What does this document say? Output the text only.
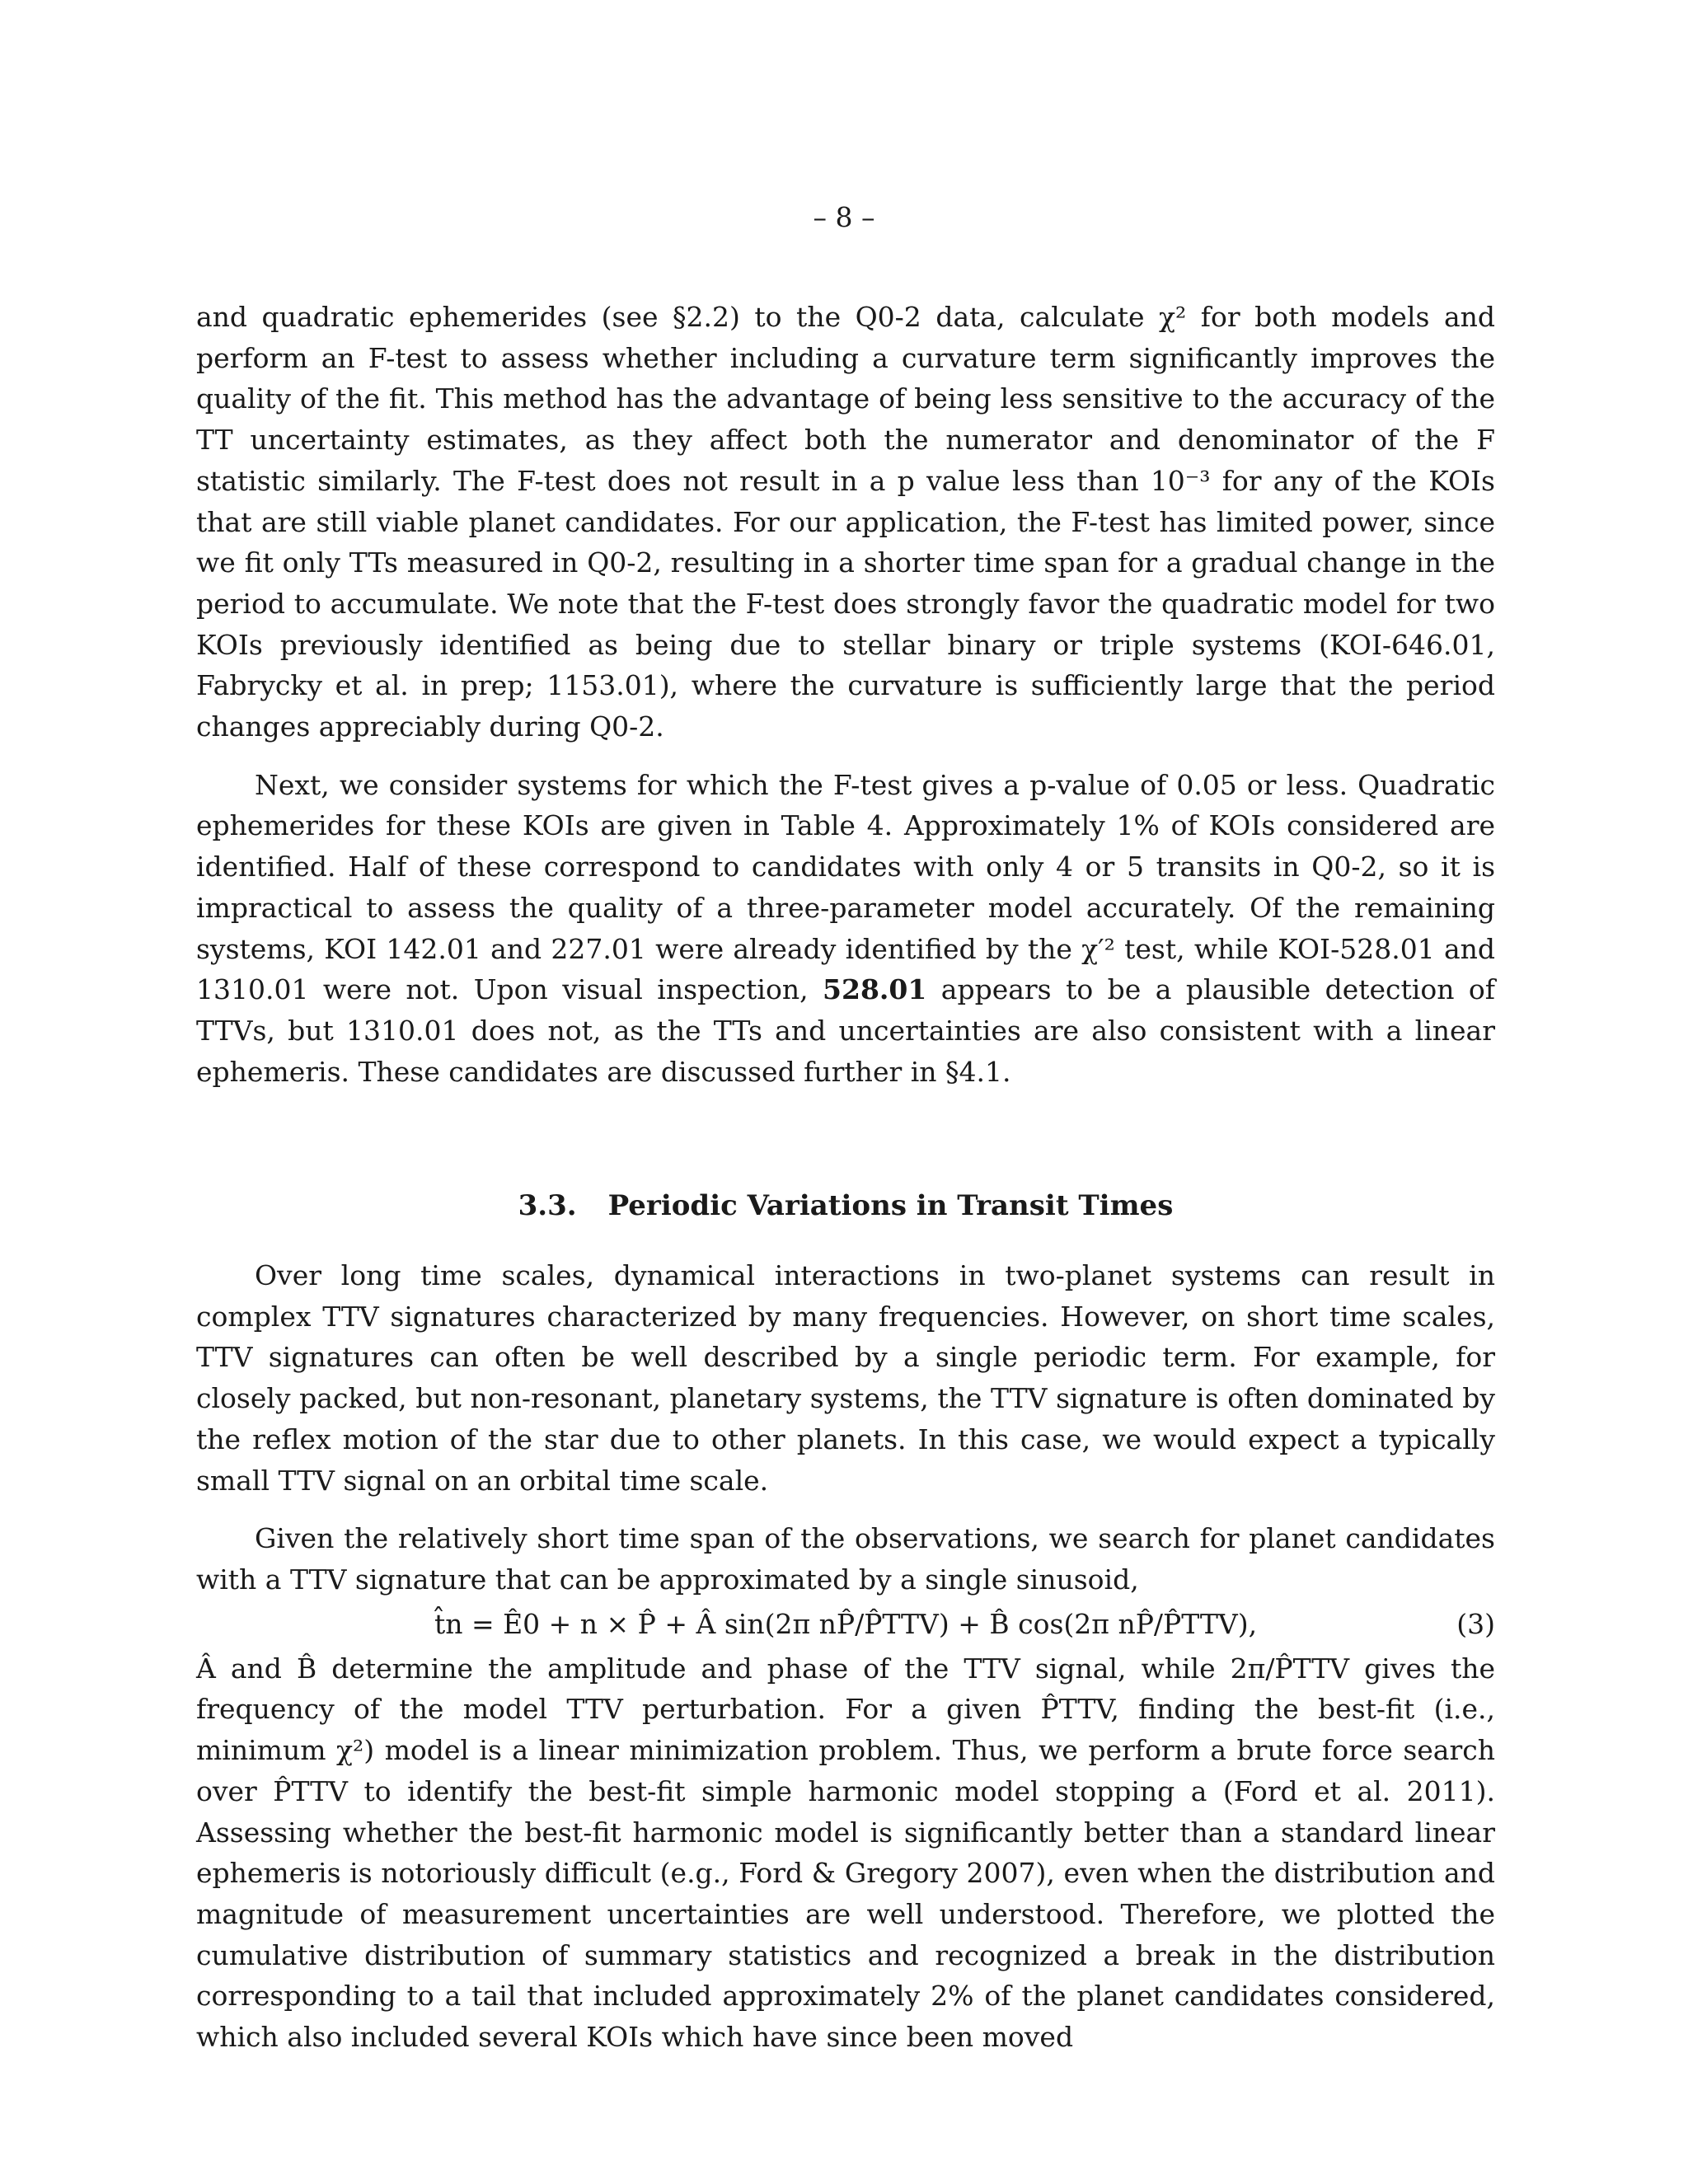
– 8 –

and quadratic ephemerides (see §2.2) to the Q0-2 data, calculate χ² for both models and perform an F-test to assess whether including a curvature term significantly improves the quality of the fit. This method has the advantage of being less sensitive to the accuracy of the TT uncertainty estimates, as they affect both the numerator and denominator of the F statistic similarly. The F-test does not result in a p value less than 10⁻³ for any of the KOIs that are still viable planet candidates. For our application, the F-test has limited power, since we fit only TTs measured in Q0-2, resulting in a shorter time span for a gradual change in the period to accumulate. We note that the F-test does strongly favor the quadratic model for two KOIs previously identified as being due to stellar binary or triple systems (KOI-646.01, Fabrycky et al. in prep; 1153.01), where the curvature is sufficiently large that the period changes appreciably during Q0-2.

Next, we consider systems for which the F-test gives a p-value of 0.05 or less. Quadratic ephemerides for these KOIs are given in Table 4. Approximately 1% of KOIs considered are identified. Half of these correspond to candidates with only 4 or 5 transits in Q0-2, so it is impractical to assess the quality of a three-parameter model accurately. Of the remaining systems, KOI 142.01 and 227.01 were already identified by the χ′² test, while KOI-528.01 and 1310.01 were not. Upon visual inspection, 528.01 appears to be a plausible detection of TTVs, but 1310.01 does not, as the TTs and uncertainties are also consistent with a linear ephemeris. These candidates are discussed further in §4.1.

3.3. Periodic Variations in Transit Times

Over long time scales, dynamical interactions in two-planet systems can result in complex TTV signatures characterized by many frequencies. However, on short time scales, TTV signatures can often be well described by a single periodic term. For example, for closely packed, but non-resonant, planetary systems, the TTV signature is often dominated by the reflex motion of the star due to other planets. In this case, we would expect a typically small TTV signal on an orbital time scale.

Given the relatively short time span of the observations, we search for planet candidates with a TTV signature that can be approximated by a single sinusoid,

t̂n = Ê0 + n × P̂ + Â sin(2π nP̂/P̂TTV) + B̂ cos(2π nP̂/P̂TTV),	(3)

Â and B̂ determine the amplitude and phase of the TTV signal, while 2π/P̂TTV gives the frequency of the model TTV perturbation. For a given P̂TTV, finding the best-fit (i.e., minimum χ²) model is a linear minimization problem. Thus, we perform a brute force search over P̂TTV to identify the best-fit simple harmonic model stopping a (Ford et al. 2011). Assessing whether the best-fit harmonic model is significantly better than a standard linear ephemeris is notoriously difficult (e.g., Ford & Gregory 2007), even when the distribution and magnitude of measurement uncertainties are well understood. Therefore, we plotted the cumulative distribution of summary statistics and recognized a break in the distribution corresponding to a tail that included approximately 2% of the planet candidates considered, which also included several KOIs which have since been moved
